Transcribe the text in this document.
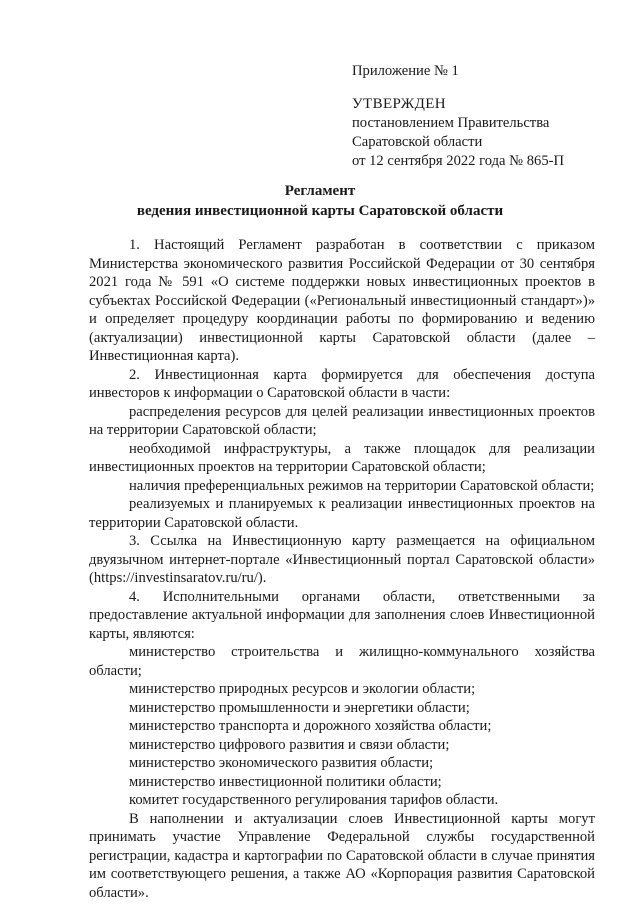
Приложение № 1
УТВЕРЖДЕН
постановлением Правительства
Саратовской области
от 12 сентября 2022 года № 865-П
Регламент
ведения инвестиционной карты Саратовской области

1. Настоящий Регламент разработан в соответствии с приказом Министерства экономического развития Российской Федерации от 30 сентября 2021 года № 591 «О системе поддержки новых инвестиционных проектов в субъектах Российской Федерации («Региональный инвестиционный стандарт»)» и определяет процедуру координации работы по формированию и ведению (актуализации) инвестиционной карты Саратовской области (далее – Инвестиционная карта).

2. Инвестиционная карта формируется для обеспечения доступа инвесторов к информации о Саратовской области в части:

распределения ресурсов для целей реализации инвестиционных проектов на территории Саратовской области;

необходимой инфраструктуры, а также площадок для реализации инвестиционных проектов на территории Саратовской области;

наличия преференциальных режимов на территории Саратовской области;

реализуемых и планируемых к реализации инвестиционных проектов на территории Саратовской области.

3. Ссылка на Инвестиционную карту размещается на официальном двуязычном интернет-портале «Инвестиционный портал Саратовской области» (https://investinsaratov.ru/ru/).

4. Исполнительными органами области, ответственными за предоставление актуальной информации для заполнения слоев Инвестиционной карты, являются:

министерство строительства и жилищно-коммунального хозяйства области;

министерство природных ресурсов и экологии области;

министерство промышленности и энергетики области;

министерство транспорта и дорожного хозяйства области;

министерство цифрового развития и связи области;

министерство экономического развития области;

министерство инвестиционной политики области;

комитет государственного регулирования тарифов области.

В наполнении и актуализации слоев Инвестиционной карты могут принимать участие Управление Федеральной службы государственной регистрации, кадастра и картографии по Саратовской области в случае принятия им соответствующего решения, а также АО «Корпорация развития Саратовской области».
